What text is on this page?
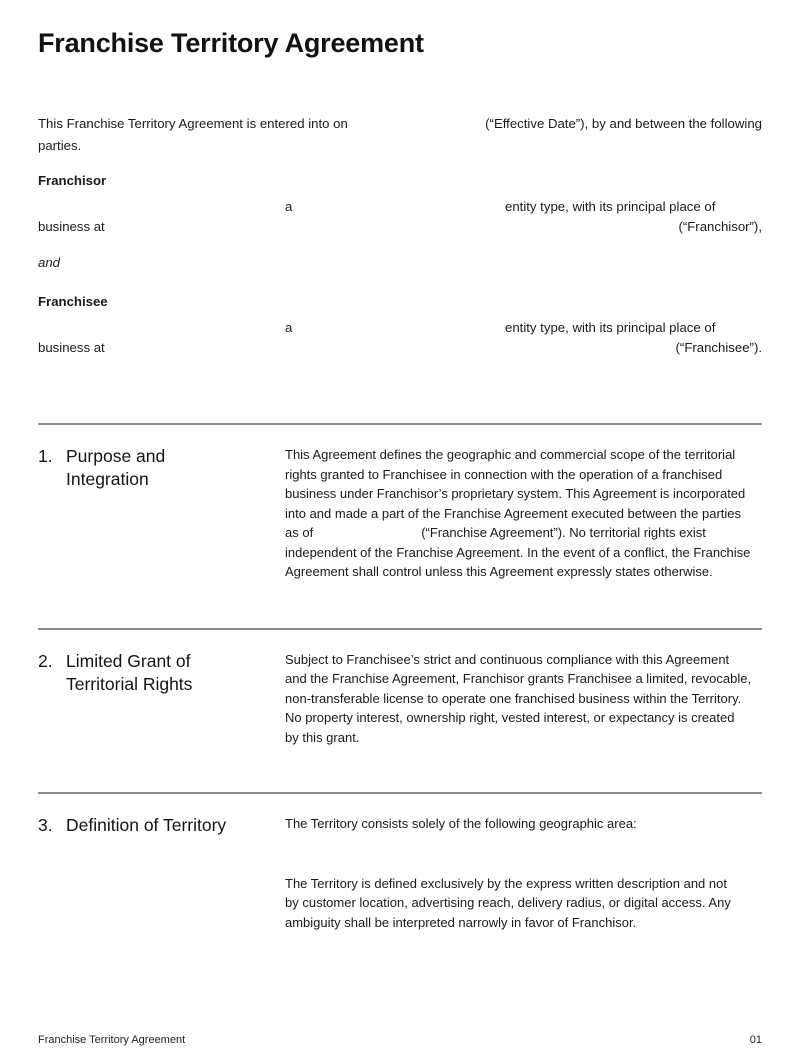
Franchise Territory Agreement
This Franchise Territory Agreement is entered into on	(“Effective Date”), by and between the following
parties.
Franchisor
a	entity type, with its principal place of
business at	(“Franchisor”),
and
Franchisee
a	entity type, with its principal place of
business at	(“Franchisee”).
1. Purpose and
Integration
This Agreement defines the geographic and commercial scope of the territorial
rights granted to Franchisee in connection with the operation of a franchised
business under Franchisor’s proprietary system. This Agreement is incorporated
into and made a part of the Franchise Agreement executed between the parties
as of	(“Franchise Agreement”). No territorial rights exist
independent of the Franchise Agreement. In the event of a conflict, the Franchise
Agreement shall control unless this Agreement expressly states otherwise.
2. Limited Grant of
Territorial Rights
Subject to Franchisee’s strict and continuous compliance with this Agreement
and the Franchise Agreement, Franchisor grants Franchisee a limited, revocable,
non-transferable license to operate one franchised business within the Territory.
No property interest, ownership right, vested interest, or expectancy is created
by this grant.
3. Definition of Territory	The Territory consists solely of the following geographic area:
The Territory is defined exclusively by the express written description and not
by customer location, advertising reach, delivery radius, or digital access. Any
ambiguity shall be interpreted narrowly in favor of Franchisor.
Franchise Territory Agreement	01
